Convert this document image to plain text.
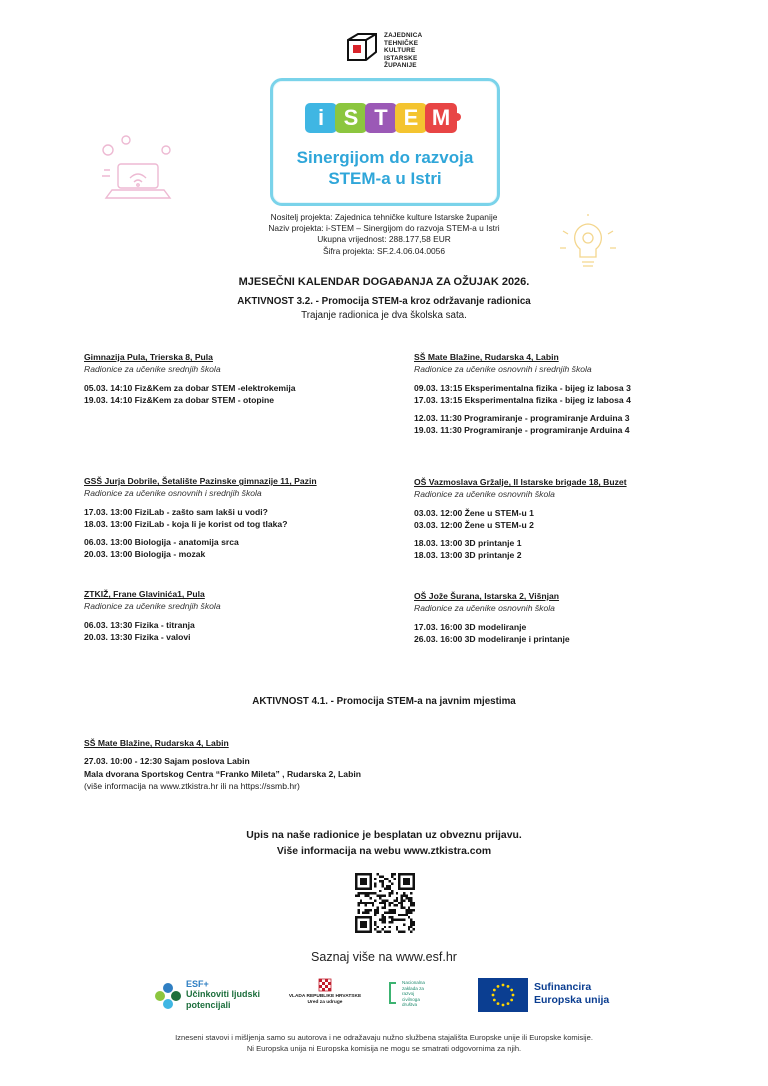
ZAJEDNICA
TEHNIČKE
KULTURE
ISTARSKE
ŽUPANIJE
i S T E M
Sinergijom do razvoja
STEM-a u Istri
Nositelj projekta: Zajednica tehničke kulture Istarske županije
Naziv projekta: i-STEM – Sinergijom do razvoja STEM-a u Istri
Ukupna vrijednost: 288.177,58 EUR
Šifra projekta: SF.2.4.06.04.0056
MJESEČNI KALENDAR DOGAĐANJA ZA OŽUJAK 2026.
AKTIVNOST 3.2. - Promocija STEM-a kroz održavanje radionica
Trajanje radionica je dva školska sata.
Gimnazija Pula, Trierska 8, Pula
Radionice za učenike srednjih škola
05.03. 14:10 Fiz&Kem za dobar STEM -elektrokemija
19.03. 14:10 Fiz&Kem za dobar STEM - otopine
SŠ Mate Blažine, Rudarska 4, Labin
Radionice za učenike osnovnih i srednjih škola
09.03. 13:15 Eksperimentalna fizika - bijeg iz labosa 3
17.03. 13:15 Eksperimentalna fizika - bijeg iz labosa 4
12.03. 11:30 Programiranje - programiranje Arduina 3
19.03. 11:30 Programiranje - programiranje Arduina 4
GSŠ Jurja Dobrile, Šetalište Pazinske gimnazije 11, Pazin
Radionice za učenike osnovnih i srednjih škola
17.03. 13:00 FiziLab - zašto sam lakši u vodi?
18.03. 13:00 FiziLab - koja li je korist od tog tlaka?
06.03. 13:00 Biologija - anatomija srca
20.03. 13:00 Biologija - mozak
OŠ Vazmoslava Gržalje, II Istarske brigade 18, Buzet
Radionice za učenike osnovnih škola
03.03. 12:00 Žene u STEM-u 1
03.03. 12:00 Žene u STEM-u 2
18.03. 13:00 3D printanje 1
18.03. 13:00 3D printanje 2
ZTKIŽ, Frane Glavinića1, Pula
Radionice za učenike srednjih škola
06.03. 13:30 Fizika - titranja
20.03. 13:30 Fizika - valovi
OŠ Jože Šurana, Istarska 2, Višnjan
Radionice za učenike osnovnih škola
17.03. 16:00 3D modeliranje
26.03. 16:00 3D modeliranje i printanje
AKTIVNOST 4.1. - Promocija STEM-a na javnim mjestima
SŠ Mate Blažine, Rudarska 4, Labin
27.03. 10:00 - 12:30 Sajam poslova Labin
Mala dvorana Sportskog Centra “Franko Mileta” , Rudarska 2, Labin
(više informacija na www.ztkistra.hr ili na https://ssmb.hr)
Upis na naše radionice je besplatan uz obveznu prijavu.
Više informacija na webu www.ztkistra.com
Saznaj više na www.esf.hr
ESF+
Učinkoviti ljudski
potencijali
VLADA REPUBLIKE HRVATSKE
Ured za udruge
Nacionalna
zaklada za
razvoj
civilnoga
društva
Sufinancira
Europska unija
Izneseni stavovi i mišljenja samo su autorova i ne odražavaju nužno službena stajališta Europske unije ili Europske komisije.
Ni Europska unija ni Europska komisija ne mogu se smatrati odgovornima za njih.
